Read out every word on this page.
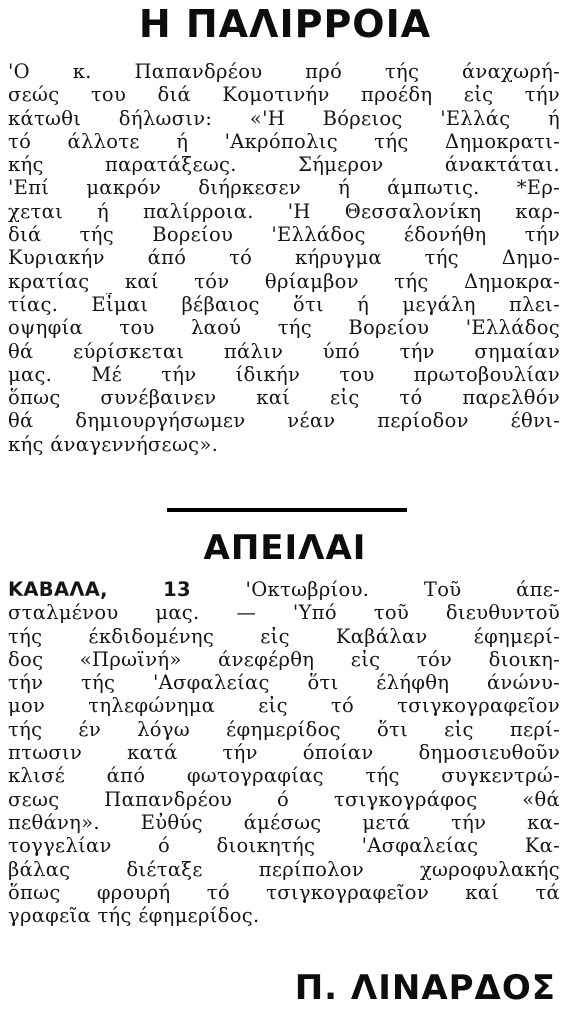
Η ΠΑΛΙΡΡΟΙΑ

'Ο κ. Παπανδρέου πρό τής άναχωρή-
σεώς του διά Κομοτινήν προέδη εἰς τήν
κάτωθι δήλωσιν: «'Η Βόρειος 'Ελλάς ή
τό άλλοτε ή 'Ακρόπολις τής Δημοκρατι-
κής παρατάξεως. Σήμερον άνακτάται.
'Επί μακρόν διήρκεσεν ή άμπωτις. *Ερ-
χεται ή παλίρροια. 'Η Θεσσαλονίκη καρ-
διά τής Βορείου 'Ελλάδος έδονήθη τήν
Κυριακήν άπό τό κήρυγμα τής Δημο-
κρατίας καί τόν θρίαμβον τής Δημοκρα-
τίας. Εἶμαι βέβαιος ὅτι ή μεγάλη πλει-
οψηφία του λαού τής Βορείου 'Ελλάδος
θά εύρίσκεται πάλιν ύπό τήν σημαίαν
μας. Μέ τήν ίδικήν του πρωτοβουλίαν
ὅπως συνέβαινεν καί εἰς τό παρελθόν
θά δημιουργήσωμεν νέαν περίοδον έθνι-
κής άναγεννήσεως».

ΑΠΕΙΛΑΙ

ΚΑΒΑΛΑ, 13	'Οκτωβρίου. Τοῦ άπε-
σταλμένου μας. — 'Υπό τοῦ διευθυντοῦ
τής έκδιδομένης εἰς Καβάλαν έφημερί-
δος «Πρωϊνή» άνεφέρθη εἰς τόν διοικη-
τήν τής 'Ασφαλείας ὅτι έλήφθη άνώνυ-
μον τηλεφώνημα εἰς τό τσιγκογραφεῖον
τής έν λόγω έφημερίδος ὅτι εἰς περί-
πτωσιν κατά τήν όποίαν δημοσιευθοῦν
κλισέ άπό φωτογραφίας τής συγκεντρώ-
σεως Παπανδρέου ό τσιγκογράφος «θά
πεθάνη». Εὐθύς άμέσως μετά τήν κα-
τογγελίαν ό διοικητής 'Ασφαλείας Κα-
βάλας διέταξε περίπολον χωροφυλακής
ὅπως φρουρή τό τσιγκογραφεῖον καί τά
γραφεῖα τής έφημερίδος.

Π. ΛΙΝΑΡΔΟΣ
